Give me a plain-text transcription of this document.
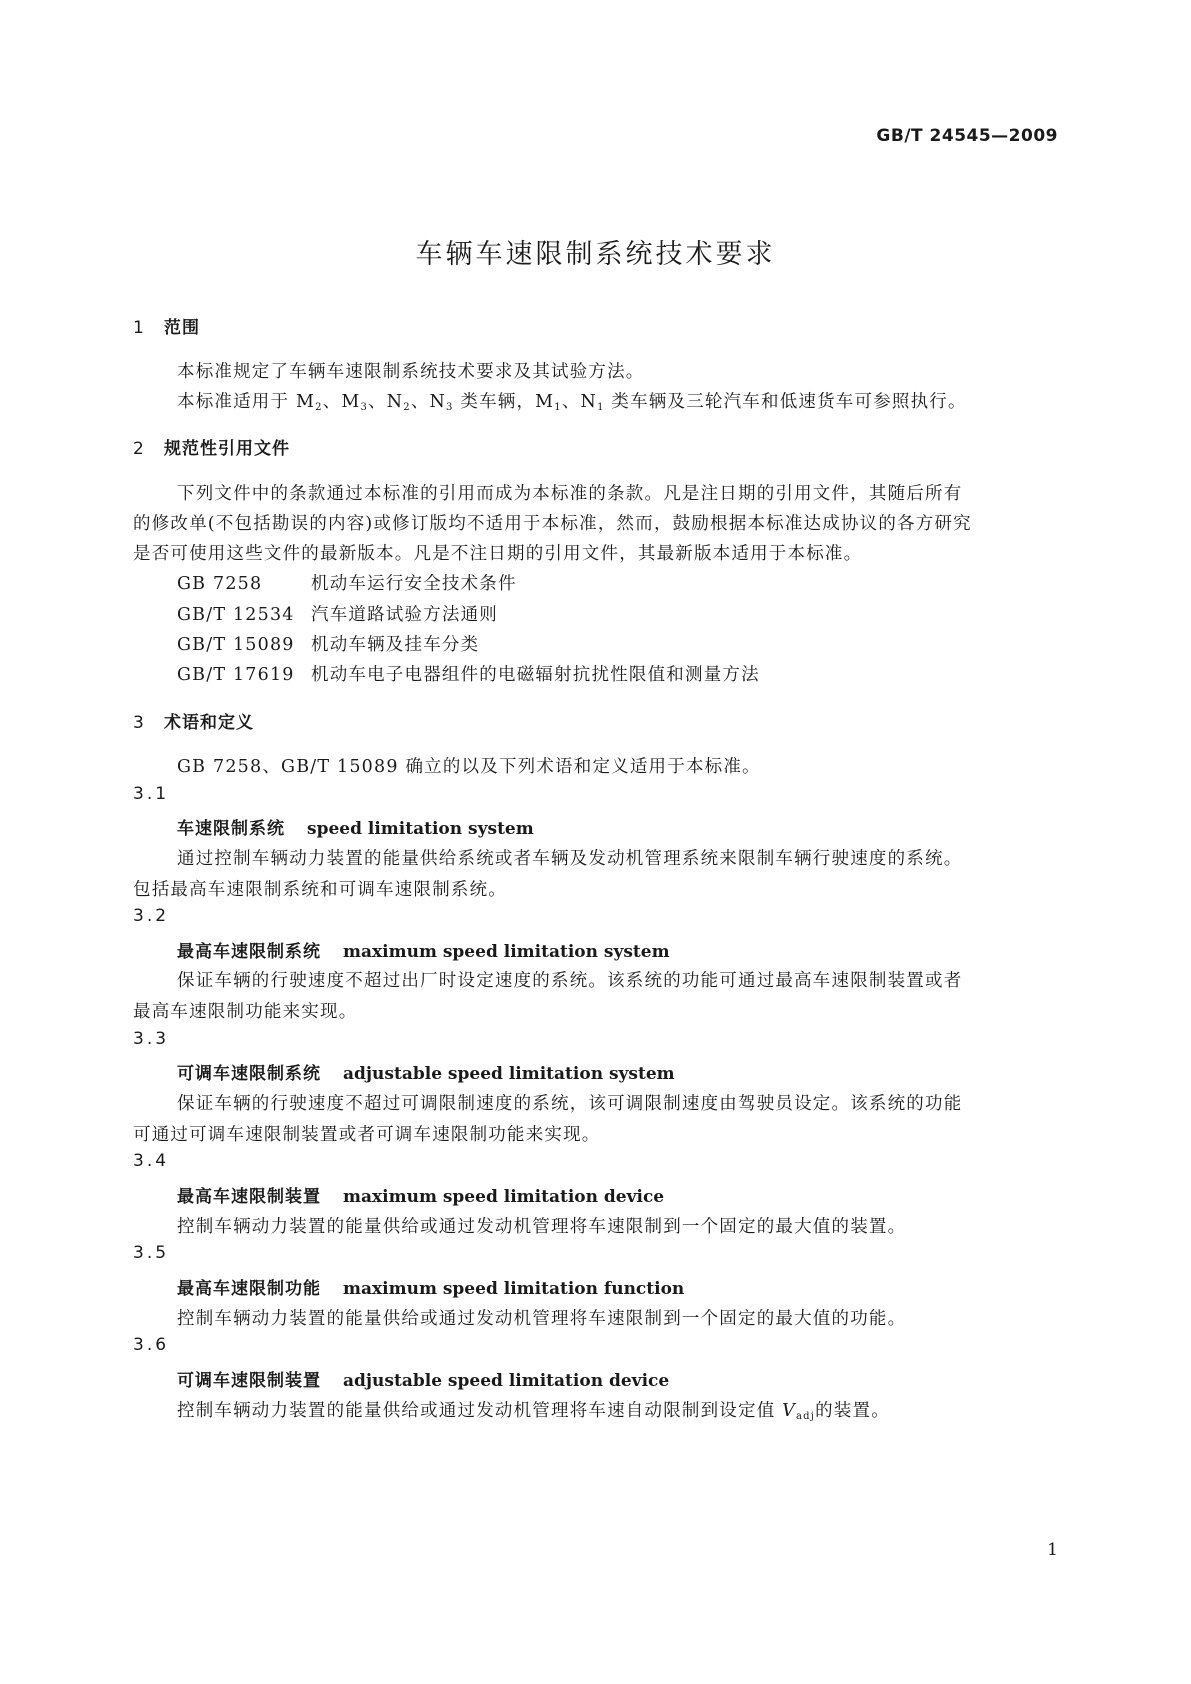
GB/T 24545—2009
车辆车速限制系统技术要求
1 范围
本标准规定了车辆车速限制系统技术要求及其试验方法。
本标准适用于 $M_2$、$M_3$、$N_2$、$N_3$ 类车辆，$M_1$、$N_1$ 类车辆及三轮汽车和低速货车可参照执行。
2 规范性引用文件
下列文件中的条款通过本标准的引用而成为本标准的条款。凡是注日期的引用文件，其随后所有
的修改单(不包括勘误的内容)或修订版均不适用于本标准，然而，鼓励根据本标准达成协议的各方研究
是否可使用这些文件的最新版本。凡是不注日期的引用文件，其最新版本适用于本标准。
GB 7258	机动车运行安全技术条件
GB/T 12534 汽车道路试验方法通则
GB/T 15089 机动车辆及挂车分类
GB/T 17619 机动车电子电器组件的电磁辐射抗扰性限值和测量方法
3 术语和定义
GB 7258、GB/T 15089 确立的以及下列术语和定义适用于本标准。
3.1
车速限制系统 speed limitation system
通过控制车辆动力装置的能量供给系统或者车辆及发动机管理系统来限制车辆行驶速度的系统。
包括最高车速限制系统和可调车速限制系统。
3.2
最高车速限制系统 maximum speed limitation system
保证车辆的行驶速度不超过出厂时设定速度的系统。该系统的功能可通过最高车速限制装置或者
最高车速限制功能来实现。
3.3
可调车速限制系统 adjustable speed limitation system
保证车辆的行驶速度不超过可调限制速度的系统，该可调限制速度由驾驶员设定。该系统的功能
可通过可调车速限制装置或者可调车速限制功能来实现。
3.4
最高车速限制装置 maximum speed limitation device
控制车辆动力装置的能量供给或通过发动机管理将车速限制到一个固定的最大值的装置。
3.5
最高车速限制功能 maximum speed limitation function
控制车辆动力装置的能量供给或通过发动机管理将车速限制到一个固定的最大值的功能。
3.6
可调车速限制装置 adjustable speed limitation device
控制车辆动力装置的能量供给或通过发动机管理将车速自动限制到设定值 $V_{adj}$的装置。
1
